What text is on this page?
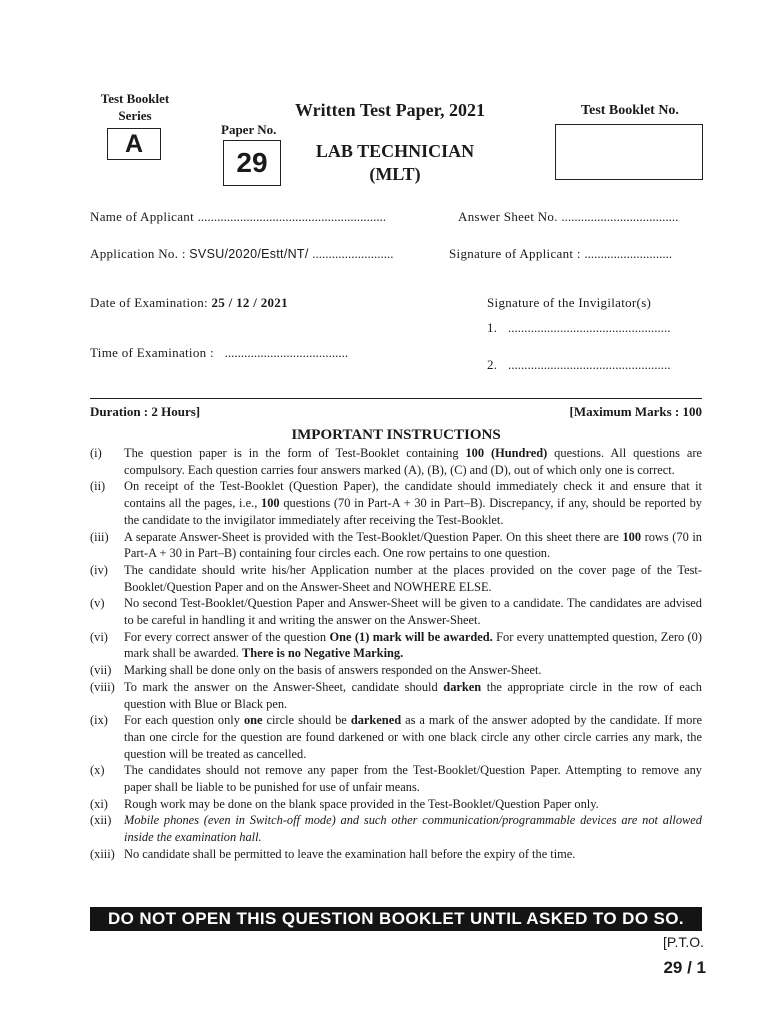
Test Booklet
Series
A
Written Test Paper, 2021
Paper No.
29	LAB TECHNICIAN
(MLT)
Test Booklet No.
Name of Applicant ..........................................................	Answer Sheet No. ....................................
Application No. : SVSU/2020/Estt/NT/ .........................	Signature of Applicant : ...........................
Date of Examination: 25 / 12 / 2021	Signature of the Invigilator(s)
1. ..................................................
Time of Examination : ......................................
2. ..................................................
Duration : 2 Hours]	[Maximum Marks : 100
IMPORTANT INSTRUCTIONS
(i)	The question paper is in the form of Test-Booklet containing 100 (Hundred) questions. All questions are compulsory. Each question carries four answers marked (A), (B), (C) and (D), out of which only one is correct.
(ii)	On receipt of the Test-Booklet (Question Paper), the candidate should immediately check it and ensure that it contains all the pages, i.e., 100 questions (70 in Part-A + 30 in Part–B). Discrepancy, if any, should be reported by the candidate to the invigilator immediately after receiving the Test-Booklet.
(iii)	A separate Answer-Sheet is provided with the Test-Booklet/Question Paper. On this sheet there are 100 rows (70 in Part-A + 30 in Part–B) containing four circles each. One row pertains to one question.
(iv)	The candidate should write his/her Application number at the places provided on the cover page of the Test-Booklet/Question Paper and on the Answer-Sheet and NOWHERE ELSE.
(v)	No second Test-Booklet/Question Paper and Answer-Sheet will be given to a candidate. The candidates are advised to be careful in handling it and writing the answer on the Answer-Sheet.
(vi)	For every correct answer of the question One (1) mark will be awarded. For every unattempted question, Zero (0) mark shall be awarded. There is no Negative Marking.
(vii)	Marking shall be done only on the basis of answers responded on the Answer-Sheet.
(viii) To mark the answer on the Answer-Sheet, candidate should darken the appropriate circle in the row of each question with Blue or Black pen.
(ix)	For each question only one circle should be darkened as a mark of the answer adopted by the candidate. If more than one circle for the question are found darkened or with one black circle any other circle carries any mark, the question will be treated as cancelled.
(x)	The candidates should not remove any paper from the Test-Booklet/Question Paper. Attempting to remove any paper shall be liable to be punished for use of unfair means.
(xi)	Rough work may be done on the blank space provided in the Test-Booklet/Question Paper only.
(xii)	Mobile phones (even in Switch-off mode) and such other communication/programmable devices are not allowed inside the examination hall.
(xiii) No candidate shall be permitted to leave the examination hall before the expiry of the time.
DO NOT OPEN THIS QUESTION BOOKLET UNTIL ASKED TO DO SO.
[P.T.O.
29 / 1
